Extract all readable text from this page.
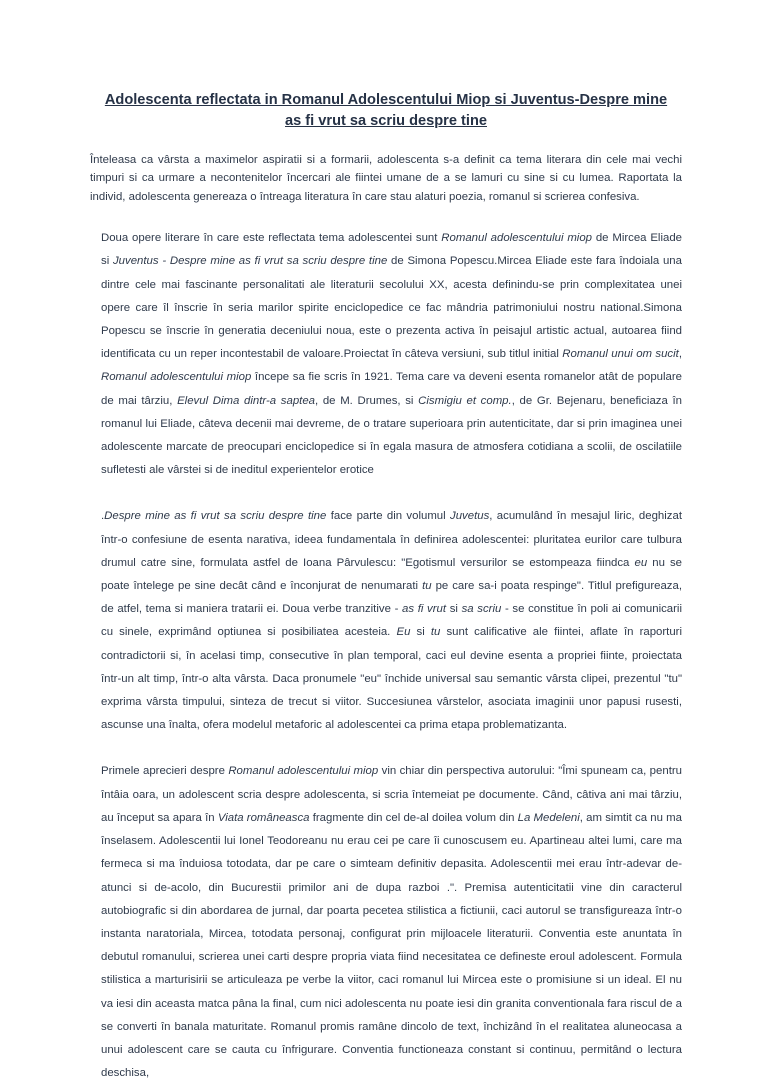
Adolescenta reflectata in Romanul Adolescentului Miop si Juventus-Despre mine as fi vrut sa scriu despre tine

Înteleasa ca vârsta a maximelor aspiratii si a formarii, adolescenta s-a definit ca tema literara din cele mai vechi timpuri si ca urmare a necontenitelor încercari ale fiintei umane de a se lamuri cu sine si cu lumea. Raportata la individ, adolescenta genereaza o întreaga literatura în care stau alaturi poezia, romanul si scrierea confesiva.

Doua opere literare în care este reflectata tema adolescentei sunt Romanul adolescentului miop de Mircea Eliade si Juventus - Despre mine as fi vrut sa scriu despre tine de Simona Popescu.Mircea Eliade este fara îndoiala una dintre cele mai fascinante personalitati ale literaturii secolului XX, acesta definindu-se prin complexitatea unei opere care îl înscrie în seria marilor spirite enciclopedice ce fac mândria patrimoniului nostru national.Simona Popescu se înscrie în generatia deceniului noua, este o prezenta activa în peisajul artistic actual, autoarea fiind identificata cu un reper incontestabil de valoare.Proiectat în câteva versiuni, sub titlul initial Romanul unui om sucit, Romanul adolescentului miop începe sa fie scris în 1921. Tema care va deveni esenta romanelor atât de populare de mai târziu, Elevul Dima dintr-a saptea, de M. Drumes, si Cismigiu et comp., de Gr. Bejenaru, beneficiaza în romanul lui Eliade, câteva decenii mai devreme, de o tratare superioara prin autenticitate, dar si prin imaginea unei adolescente marcate de preocupari enciclopedice si în egala masura de atmosfera cotidiana a scolii, de oscilatiile sufletesti ale vârstei si de ineditul experientelor erotice

.Despre mine as fi vrut sa scriu despre tine face parte din volumul Juvetus, acumulând în mesajul liric, deghizat într-o confesiune de esenta narativa, ideea fundamentala în definirea adolescentei: pluritatea eurilor care tulbura drumul catre sine, formulata astfel de Ioana Pârvulescu: "Egotismul versurilor se estompeaza fiindca eu nu se poate întelege pe sine decât când e înconjurat de nenumarati tu pe care sa-i poata respinge". Titlul prefigureaza, de atfel, tema si maniera tratarii ei. Doua verbe tranzitive - as fi vrut si sa scriu - se constitue în poli ai comunicarii cu sinele, exprimând optiunea si posibiliatea acesteia. Eu si tu sunt calificative ale fiintei, aflate în raporturi contradictorii si, în acelasi timp, consecutive în plan temporal, caci eul devine esenta a propriei fiinte, proiectata într-un alt timp, într-o alta vârsta. Daca pronumele "eu" închide universal sau semantic vârsta clipei, prezentul "tu" exprima vârsta timpului, sinteza de trecut si viitor. Succesiunea vârstelor, asociata imaginii unor papusi rusesti, ascunse una înalta, ofera modelul metaforic al adolescentei ca prima etapa problematizanta.

Primele aprecieri despre Romanul adolescentului miop vin chiar din perspectiva autorului: "Îmi spuneam ca, pentru întâia oara, un adolescent scria despre adolescenta, si scria întemeiat pe documente. Când, câtiva ani mai târziu, au început sa apara în Viata româneasca fragmente din cel de-al doilea volum din La Medeleni, am simtit ca nu ma înselasem. Adolescentii lui Ionel Teodoreanu nu erau cei pe care îi cunoscusem eu. Apartineau altei lumi, care ma fermeca si ma înduiosa totodata, dar pe care o simteam definitiv depasita. Adolescentii mei erau într-adevar de-atunci si de-acolo, din Bucurestii primilor ani de dupa razboi .". Premisa autenticitatii vine din caracterul autobiografic si din abordarea de jurnal, dar poarta pecetea stilistica a fictiunii, caci autorul se transfigureaza într-o instanta naratoriala, Mircea, totodata personaj, configurat prin mijloacele literaturii. Conventia este anuntata în debutul romanului, scrierea unei carti despre propria viata fiind necesitatea ce defineste eroul adolescent. Formula stilistica a marturisirii se articuleaza pe verbe la viitor, caci romanul lui Mircea este o promisiune si un ideal. El nu va iesi din aceasta matca pâna la final, cum nici adolescenta nu poate iesi din granita conventionala fara riscul de a se converti în banala maturitate. Romanul promis ramâne dincolo de text, închizând în el realitatea aluneocasa a unui adolescent care se cauta cu înfrigurare. Conventia functioneaza constant si continuu, permitând o lectura deschisa,
